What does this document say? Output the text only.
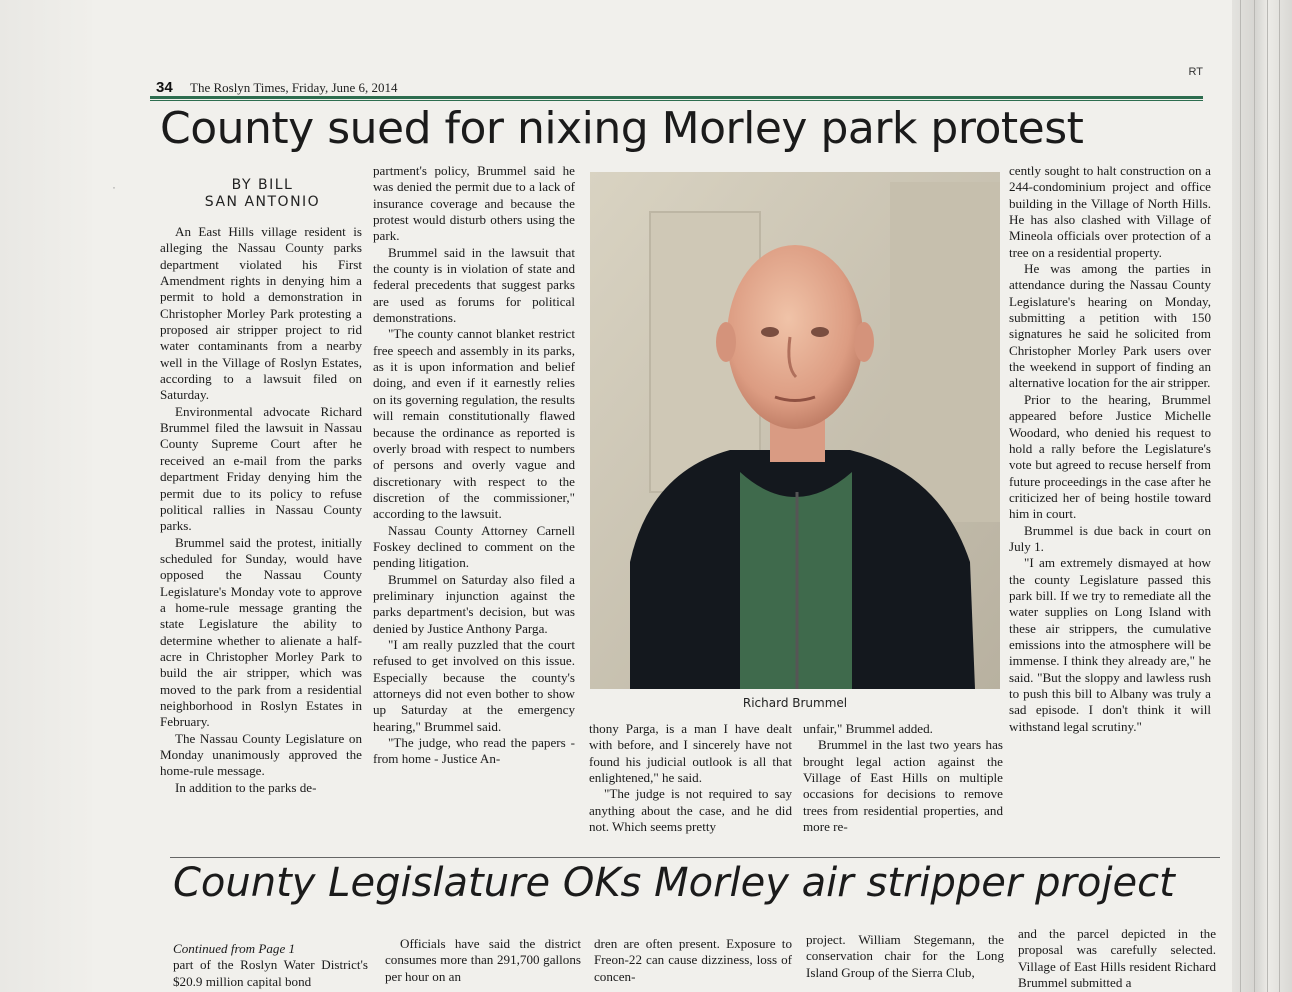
·
34 The Roslyn Times, Friday, June 6, 2014
RT
County sued for nixing Morley park protest
BY BILL
SAN ANTONIO

An East Hills village resident is alleging the Nassau County parks department violated his First Amendment rights in denying him a permit to hold a demonstration in Christopher Morley Park protesting a proposed air stripper project to rid water contaminants from a nearby well in the Village of Roslyn Estates, according to a lawsuit filed on Saturday.

Environmental advocate Richard Brummel filed the lawsuit in Nassau County Supreme Court after he received an e-mail from the parks department Friday denying him the permit due to its policy to refuse political rallies in Nassau County parks.

Brummel said the protest, initially scheduled for Sunday, would have opposed the Nassau County Legislature's Monday vote to approve a home-rule message granting the state Legislature the ability to determine whether to alienate a half-acre in Christopher Morley Park to build the air stripper, which was moved to the park from a residential neighborhood in Roslyn Estates in February.

The Nassau County Legislature on Monday unanimously approved the home-rule message.

In addition to the parks de-

partment's policy, Brummel said he was denied the permit due to a lack of insurance coverage and because the protest would disturb others using the park.

Brummel said in the lawsuit that the county is in violation of state and federal precedents that suggest parks are used as forums for political demonstrations.

"The county cannot blanket restrict free speech and assembly in its parks, as it is upon information and belief doing, and even if it earnestly relies on its governing regulation, the results will remain constitutionally flawed because the ordinance as reported is overly broad with respect to numbers of persons and overly vague and discretionary with respect to the discretion of the commissioner," according to the lawsuit.

Nassau County Attorney Carnell Foskey declined to comment on the pending litigation.

Brummel on Saturday also filed a preliminary injunction against the parks department's decision, but was denied by Justice Anthony Parga.

"I am really puzzled that the court refused to get involved on this issue. Especially because the county's attorneys did not even bother to show up Saturday at the emergency hearing," Brummel said.

"The judge, who read the papers - from home - Justice An-

Richard Brummel

thony Parga, is a man I have dealt with before, and I sincerely have not found his judicial outlook is all that enlightened," he said.

"The judge is not required to say anything about the case, and he did not. Which seems pretty

unfair," Brummel added.

Brummel in the last two years has brought legal action against the Village of East Hills on multiple occasions for decisions to remove trees from residential properties, and more re-

cently sought to halt construction on a 244-condominium project and office building in the Village of North Hills. He has also clashed with Village of Mineola officials over protection of a tree on a residential property.

He was among the parties in attendance during the Nassau County Legislature's hearing on Monday, submitting a petition with 150 signatures he said he solicited from Christopher Morley Park users over the weekend in support of finding an alternative location for the air stripper.

Prior to the hearing, Brummel appeared before Justice Michelle Woodard, who denied his request to hold a rally before the Legislature's vote but agreed to recuse herself from future proceedings in the case after he criticized her of being hostile toward him in court.

Brummel is due back in court on July 1.

"I am extremely dismayed at how the county Legislature passed this park bill. If we try to remediate all the water supplies on Long Island with these air strippers, the cumulative emissions into the atmosphere will be immense. I think they already are," he said. "But the sloppy and lawless rush to push this bill to Albany was truly a sad episode. I don't think it will withstand legal scrutiny."

County Legislature OKs Morley air stripper project

Continued from Page 1

part of the Roslyn Water District's $20.9 million capital bond

Officials have said the district consumes more than 291,700 gallons per hour on an

dren are often present. Exposure to Freon-22 can cause dizziness, loss of concen-

project. William Stegemann, the conservation chair for the Long Island Group of the Sierra Club,

and the parcel depicted in the proposal was carefully selected. Village of East Hills resident Richard Brummel submitted a
